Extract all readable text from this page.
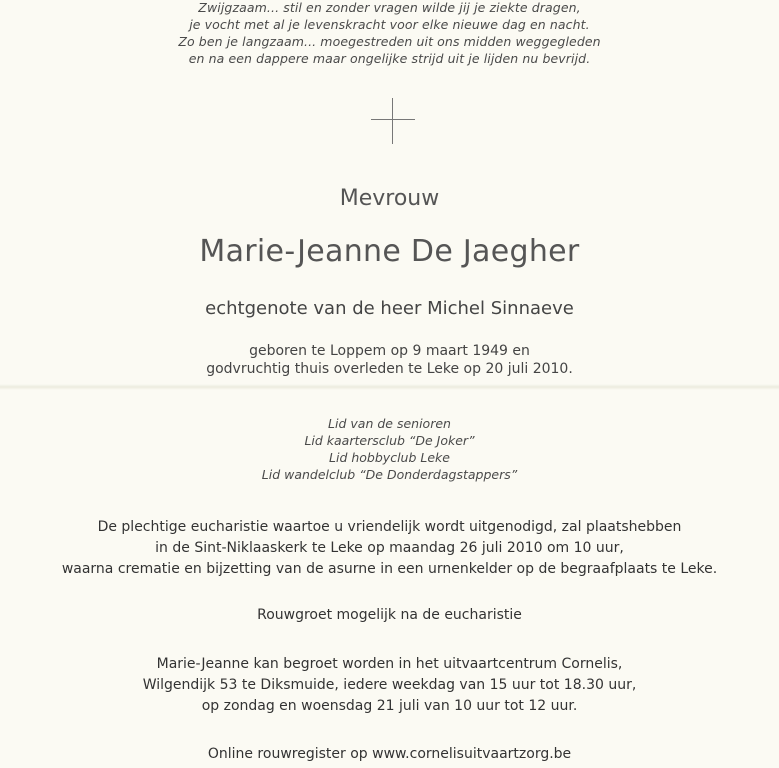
Zwijgzaam... stil en zonder vragen wilde jij je ziekte dragen,
je vocht met al je levenskracht voor elke nieuwe dag en nacht.
Zo ben je langzaam... moegestreden uit ons midden weggegleden
en na een dappere maar ongelijke strijd uit je lijden nu bevrijd.
Mevrouw
Marie-Jeanne De Jaegher
echtgenote van de heer Michel Sinnaeve
geboren te Loppem op 9 maart 1949 en
godvruchtig thuis overleden te Leke op 20 juli 2010.
Lid van de senioren
Lid kaartersclub “De Joker”
Lid hobbyclub Leke
Lid wandelclub “De Donderdagstappers”
De plechtige eucharistie waartoe u vriendelijk wordt uitgenodigd, zal plaatshebben
in de Sint-Niklaaskerk te Leke op maandag 26 juli 2010 om 10 uur,
waarna crematie en bijzetting van de asurne in een urnenkelder op de begraafplaats te Leke.
Rouwgroet mogelijk na de eucharistie
Marie-Jeanne kan begroet worden in het uitvaartcentrum Cornelis,
Wilgendijk 53 te Diksmuide, iedere weekdag van 15 uur tot 18.30 uur,
op zondag en woensdag 21 juli van 10 uur tot 12 uur.
Online rouwregister op www.cornelisuitvaartzorg.be
